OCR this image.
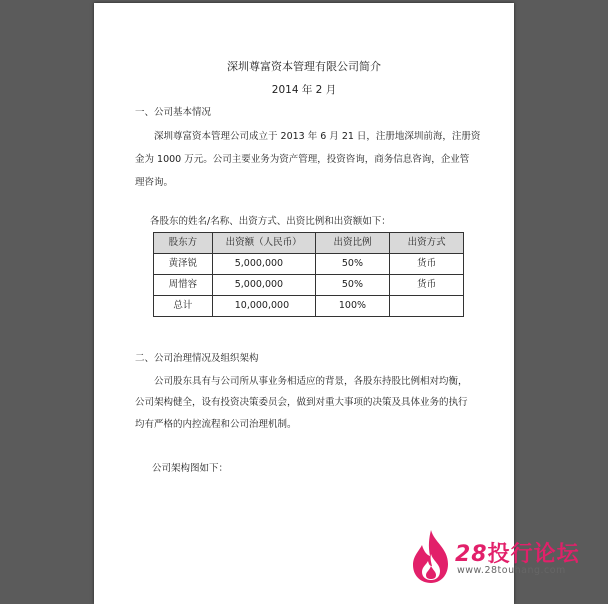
深圳尊富资本管理有限公司简介
2014 年 2 月
一、公司基本情况
深圳尊富资本管理公司成立于 2013 年 6 月 21 日，注册地深圳前海，注册资
金为 1000 万元。公司主要业务为资产管理，投资咨询，商务信息咨询，企业管
理咨询。
各股东的姓名/名称、出资方式、出资比例和出资额如下：
股东方	出资额（人民币）	出资比例	出资方式
黄泽锐	5,000,000	50%	货币
周惜容	5,000,000	50%	货币
总计	10,000,000	100%	
二、公司治理情况及组织架构
公司股东具有与公司所从事业务相适应的背景，各股东持股比例相对均衡，
公司架构健全，设有投资决策委员会，做到对重大事项的决策及具体业务的执行
均有严格的内控流程和公司治理机制。
公司架构图如下：
28投行论坛
www.28touhang.com
